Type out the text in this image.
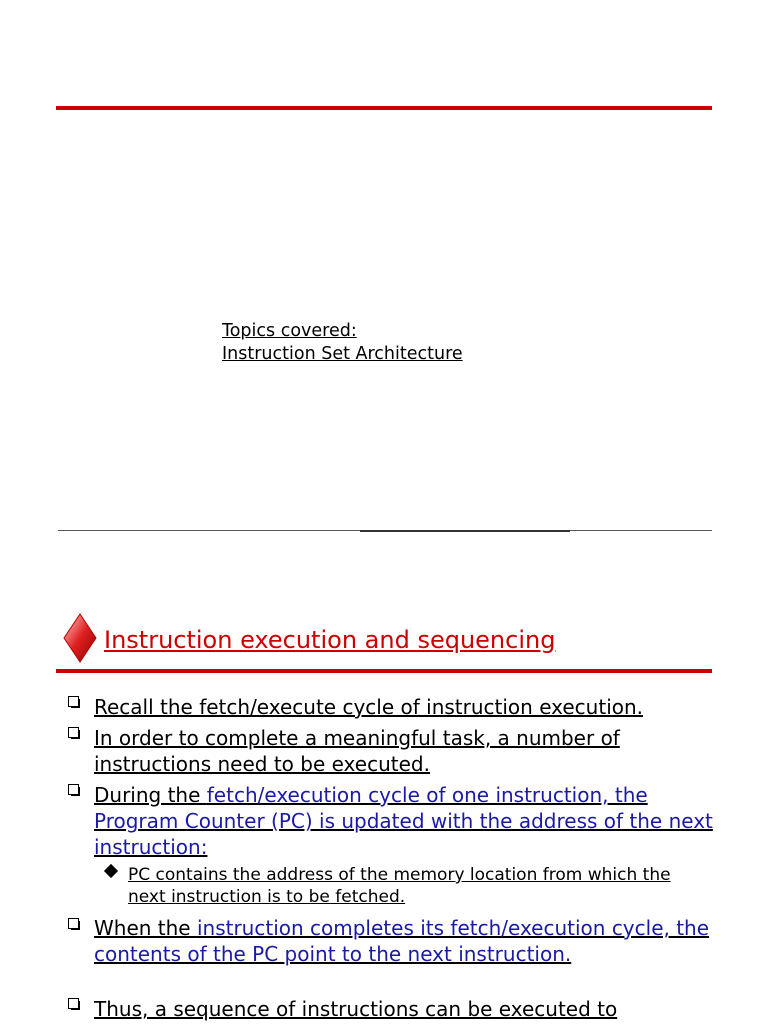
Topics covered:
Instruction Set Architecture
Instruction execution and sequencing
Recall the fetch/execute cycle of instruction execution.
In order to complete a meaningful task, a number of instructions need to be executed.
During the fetch/execution cycle of one instruction, the Program Counter (PC) is updated with the address of the next instruction:
PC contains the address of the memory location from which the next instruction is to be fetched.
When the instruction completes its fetch/execution cycle, the contents of the PC point to the next instruction.
Thus, a sequence of instructions can be executed to
